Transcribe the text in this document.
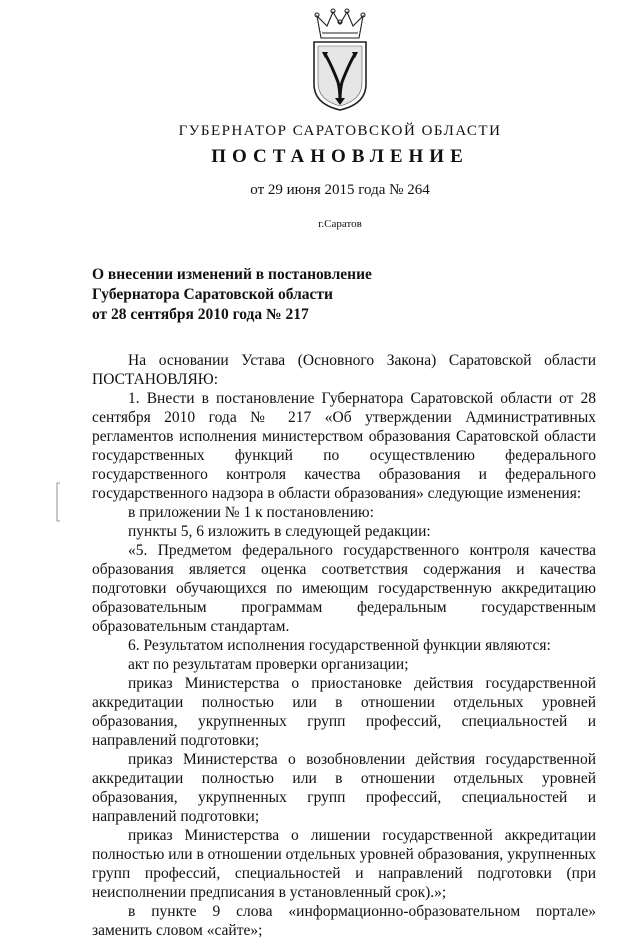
ГУБЕРНАТОР САРАТОВСКОЙ ОБЛАСТИ
ПОСТАНОВЛЕНИЕ
от 29 июня 2015 года № 264
г.Саратов
О внесении изменений в постановление
Губернатора Саратовской области
от 28 сентября 2010 года № 217

На основании Устава (Основного Закона) Саратовской области ПОСТАНОВЛЯЮ:

1. Внести в постановление Губернатора Саратовской области от 28 сентября 2010 года № 217 «Об утверждении Административных регламентов исполнения министерством образования Саратовской области государственных функций по осуществлению федерального государственного контроля качества образования и федерального государственного надзора в области образования» следующие изменения:

в приложении № 1 к постановлению:

пункты 5, 6 изложить в следующей редакции:

«5. Предметом федерального государственного контроля качества образования является оценка соответствия содержания и качества подготовки обучающихся по имеющим государственную аккредитацию образовательным программам федеральным государственным образовательным стандартам.

6. Результатом исполнения государственной функции являются:

акт по результатам проверки организации;

приказ Министерства о приостановке действия государственной аккредитации полностью или в отношении отдельных уровней образования, укрупненных групп профессий, специальностей и направлений подготовки;

приказ Министерства о возобновлении действия государственной аккредитации полностью или в отношении отдельных уровней образования, укрупненных групп профессий, специальностей и направлений подготовки;

приказ Министерства о лишении государственной аккредитации полностью или в отношении отдельных уровней образования, укрупненных групп профессий, специальностей и направлений подготовки (при неисполнении предписания в установленный срок).»;

в пункте 9 слова «информационно-образовательном портале» заменить словом «сайте»;
